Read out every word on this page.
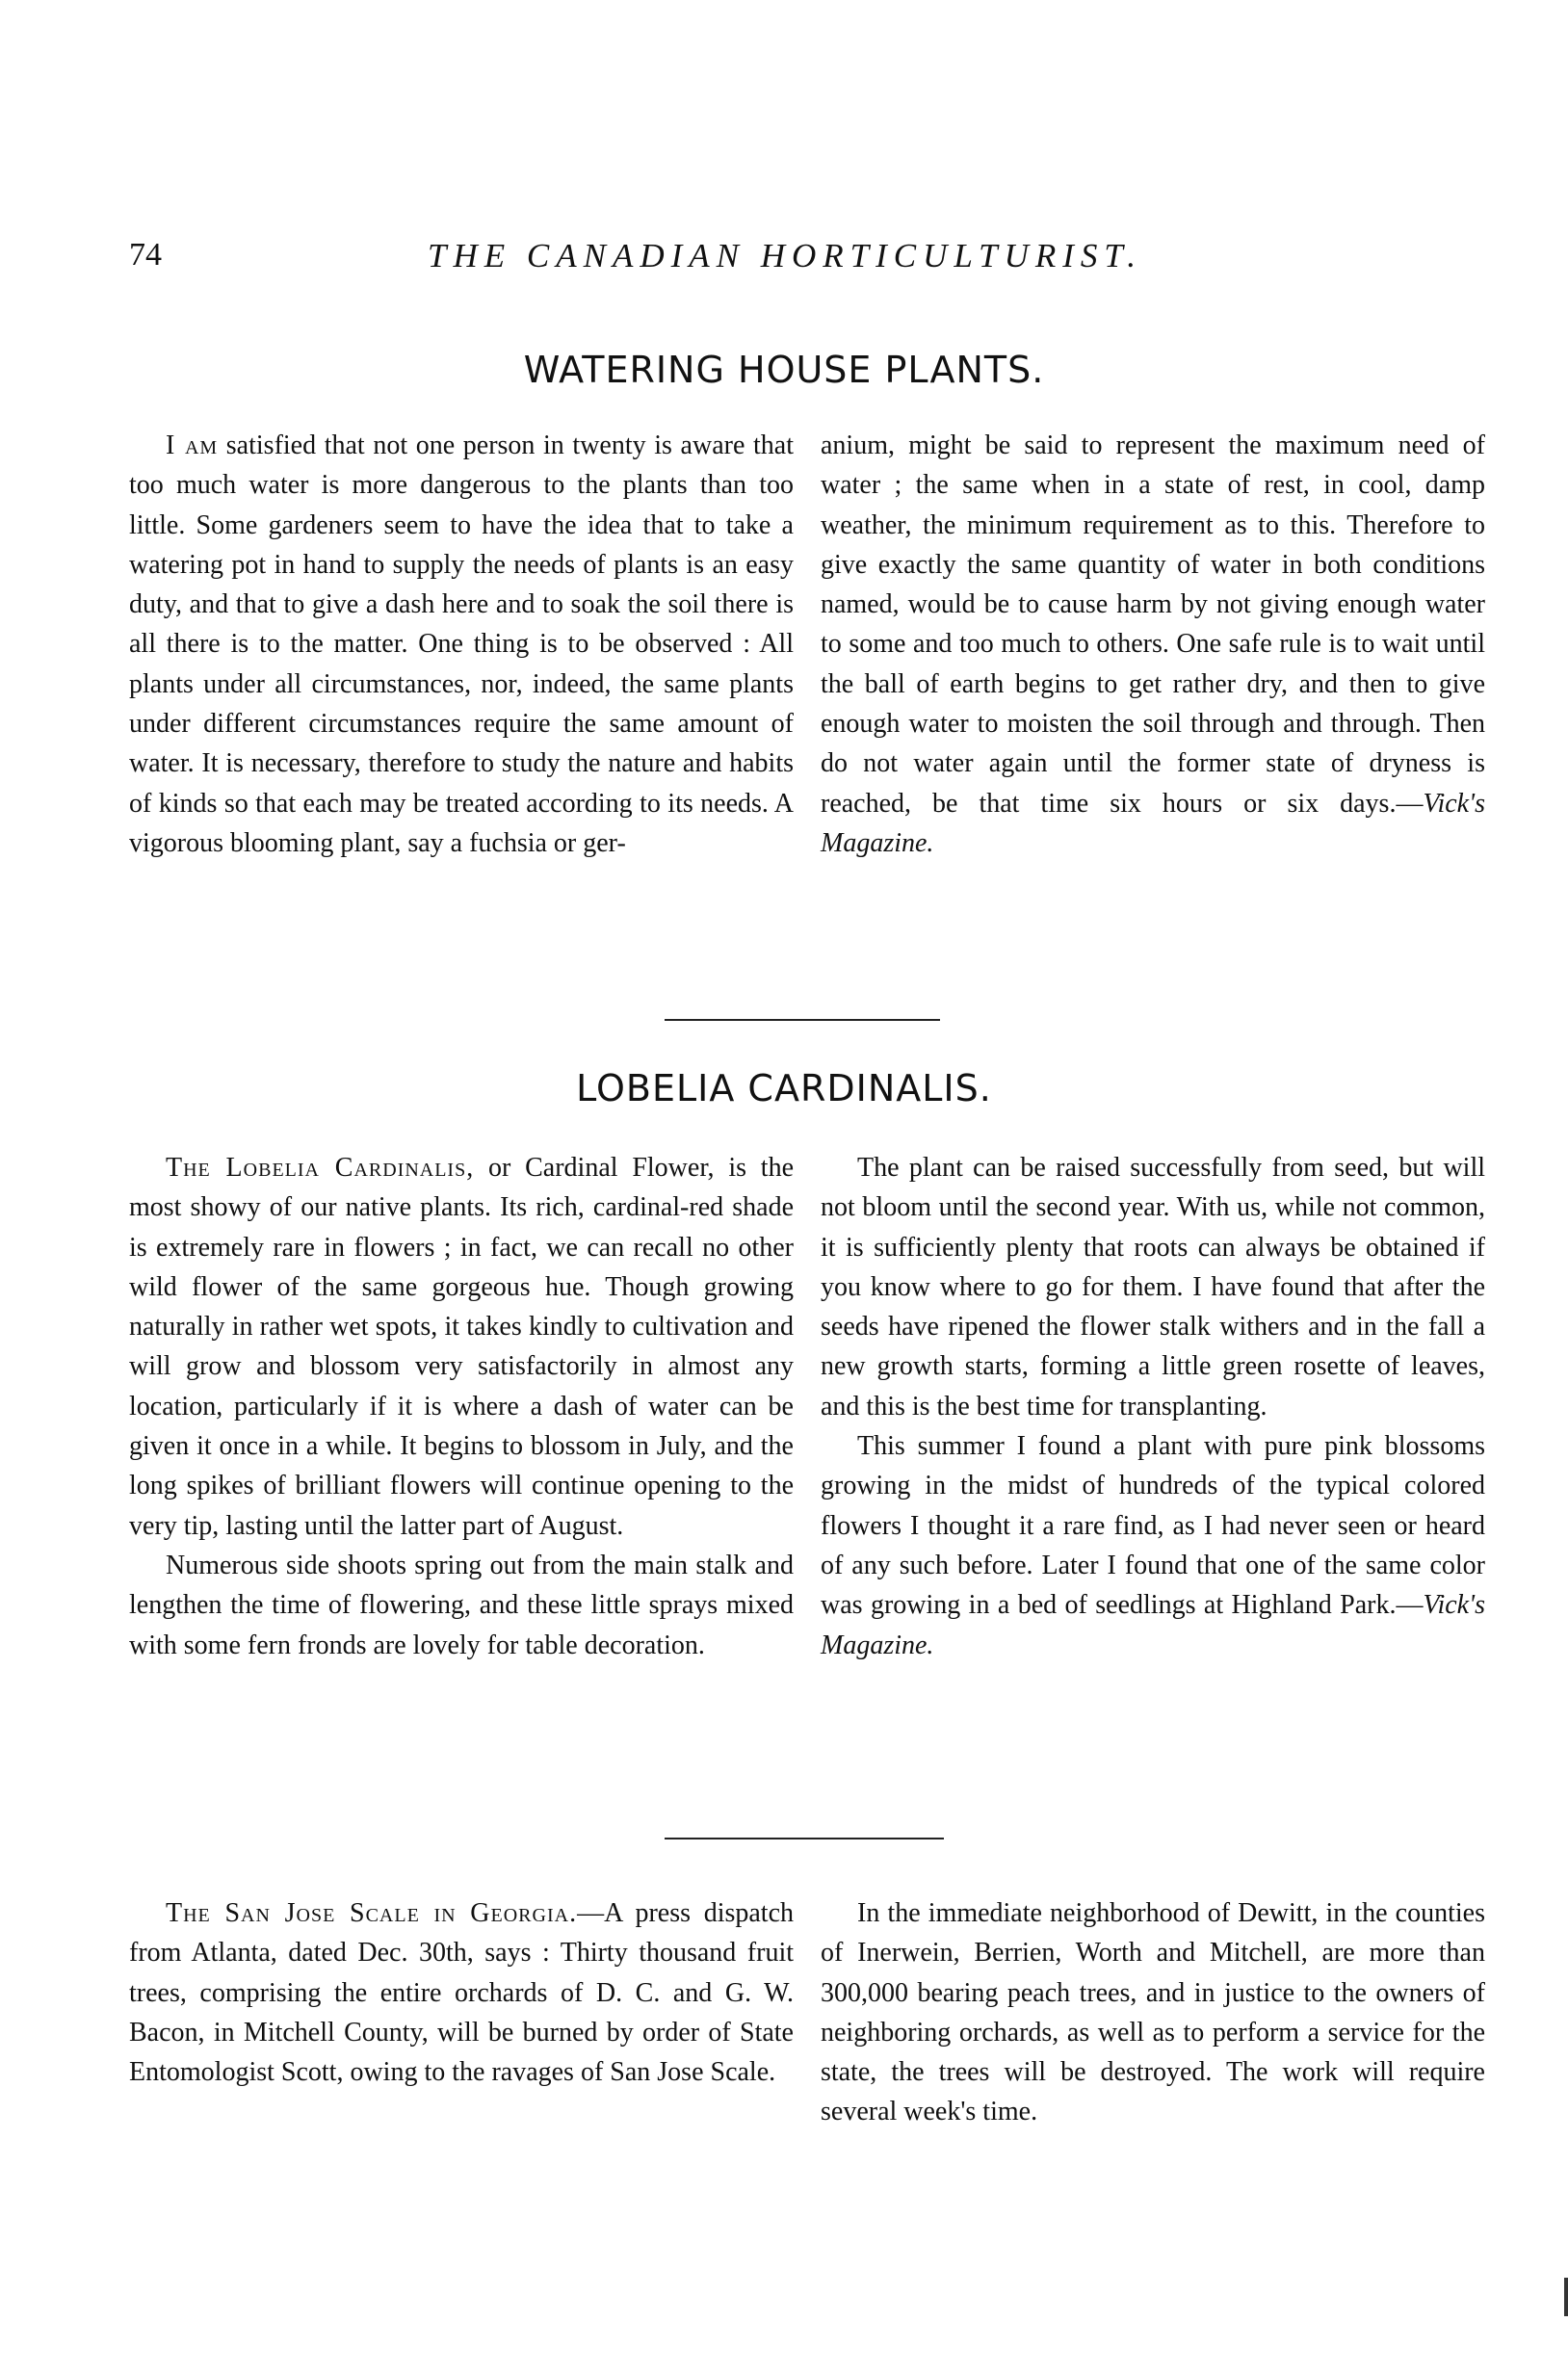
74	THE CANADIAN HORTICULTURIST.
WATERING HOUSE PLANTS.

I am satisfied that not one person in twenty is aware that too much water is more dangerous to the plants than too little. Some gardeners seem to have the idea that to take a watering pot in hand to supply the needs of plants is an easy duty, and that to give a dash here and to soak the soil there is all there is to the matter. One thing is to be observed : All plants under all circumstances, nor, indeed, the same plants under different circumstances require the same amount of water. It is necessary, therefore to study the nature and habits of kinds so that each may be treated according to its needs. A vigorous blooming plant, say a fuchsia or ger-

anium, might be said to represent the maximum need of water ; the same when in a state of rest, in cool, damp weather, the minimum requirement as to this. Therefore to give exactly the same quantity of water in both conditions named, would be to cause harm by not giving enough water to some and too much to others. One safe rule is to wait until the ball of earth begins to get rather dry, and then to give enough water to moisten the soil through and through. Then do not water again until the former state of dryness is reached, be that time six hours or six days.—Vick's Magazine.

LOBELIA CARDINALIS.

The Lobelia Cardinalis, or Cardinal Flower, is the most showy of our native plants. Its rich, cardinal-red shade is extremely rare in flowers ; in fact, we can recall no other wild flower of the same gorgeous hue. Though growing naturally in rather wet spots, it takes kindly to cultivation and will grow and blossom very satisfactorily in almost any location, particularly if it is where a dash of water can be given it once in a while. It begins to blossom in July, and the long spikes of brilliant flowers will continue opening to the very tip, lasting until the latter part of August.

Numerous side shoots spring out from the main stalk and lengthen the time of flowering, and these little sprays mixed with some fern fronds are lovely for table decoration.

The plant can be raised successfully from seed, but will not bloom until the second year. With us, while not common, it is sufficiently plenty that roots can always be obtained if you know where to go for them. I have found that after the seeds have ripened the flower stalk withers and in the fall a new growth starts, forming a little green rosette of leaves, and this is the best time for transplanting.

This summer I found a plant with pure pink blossoms growing in the midst of hundreds of the typical colored flowers I thought it a rare find, as I had never seen or heard of any such before. Later I found that one of the same color was growing in a bed of seedlings at Highland Park.—Vick's Magazine.

The San Jose Scale in Georgia.—A press dispatch from Atlanta, dated Dec. 30th, says : Thirty thousand fruit trees, comprising the entire orchards of D. C. and G. W. Bacon, in Mitchell County, will be burned by order of State Entomologist Scott, owing to the ravages of San Jose Scale.

In the immediate neighborhood of Dewitt, in the counties of Inerwein, Berrien, Worth and Mitchell, are more than 300,000 bearing peach trees, and in justice to the owners of neighboring orchards, as well as to perform a service for the state, the trees will be destroyed. The work will require several week's time.
